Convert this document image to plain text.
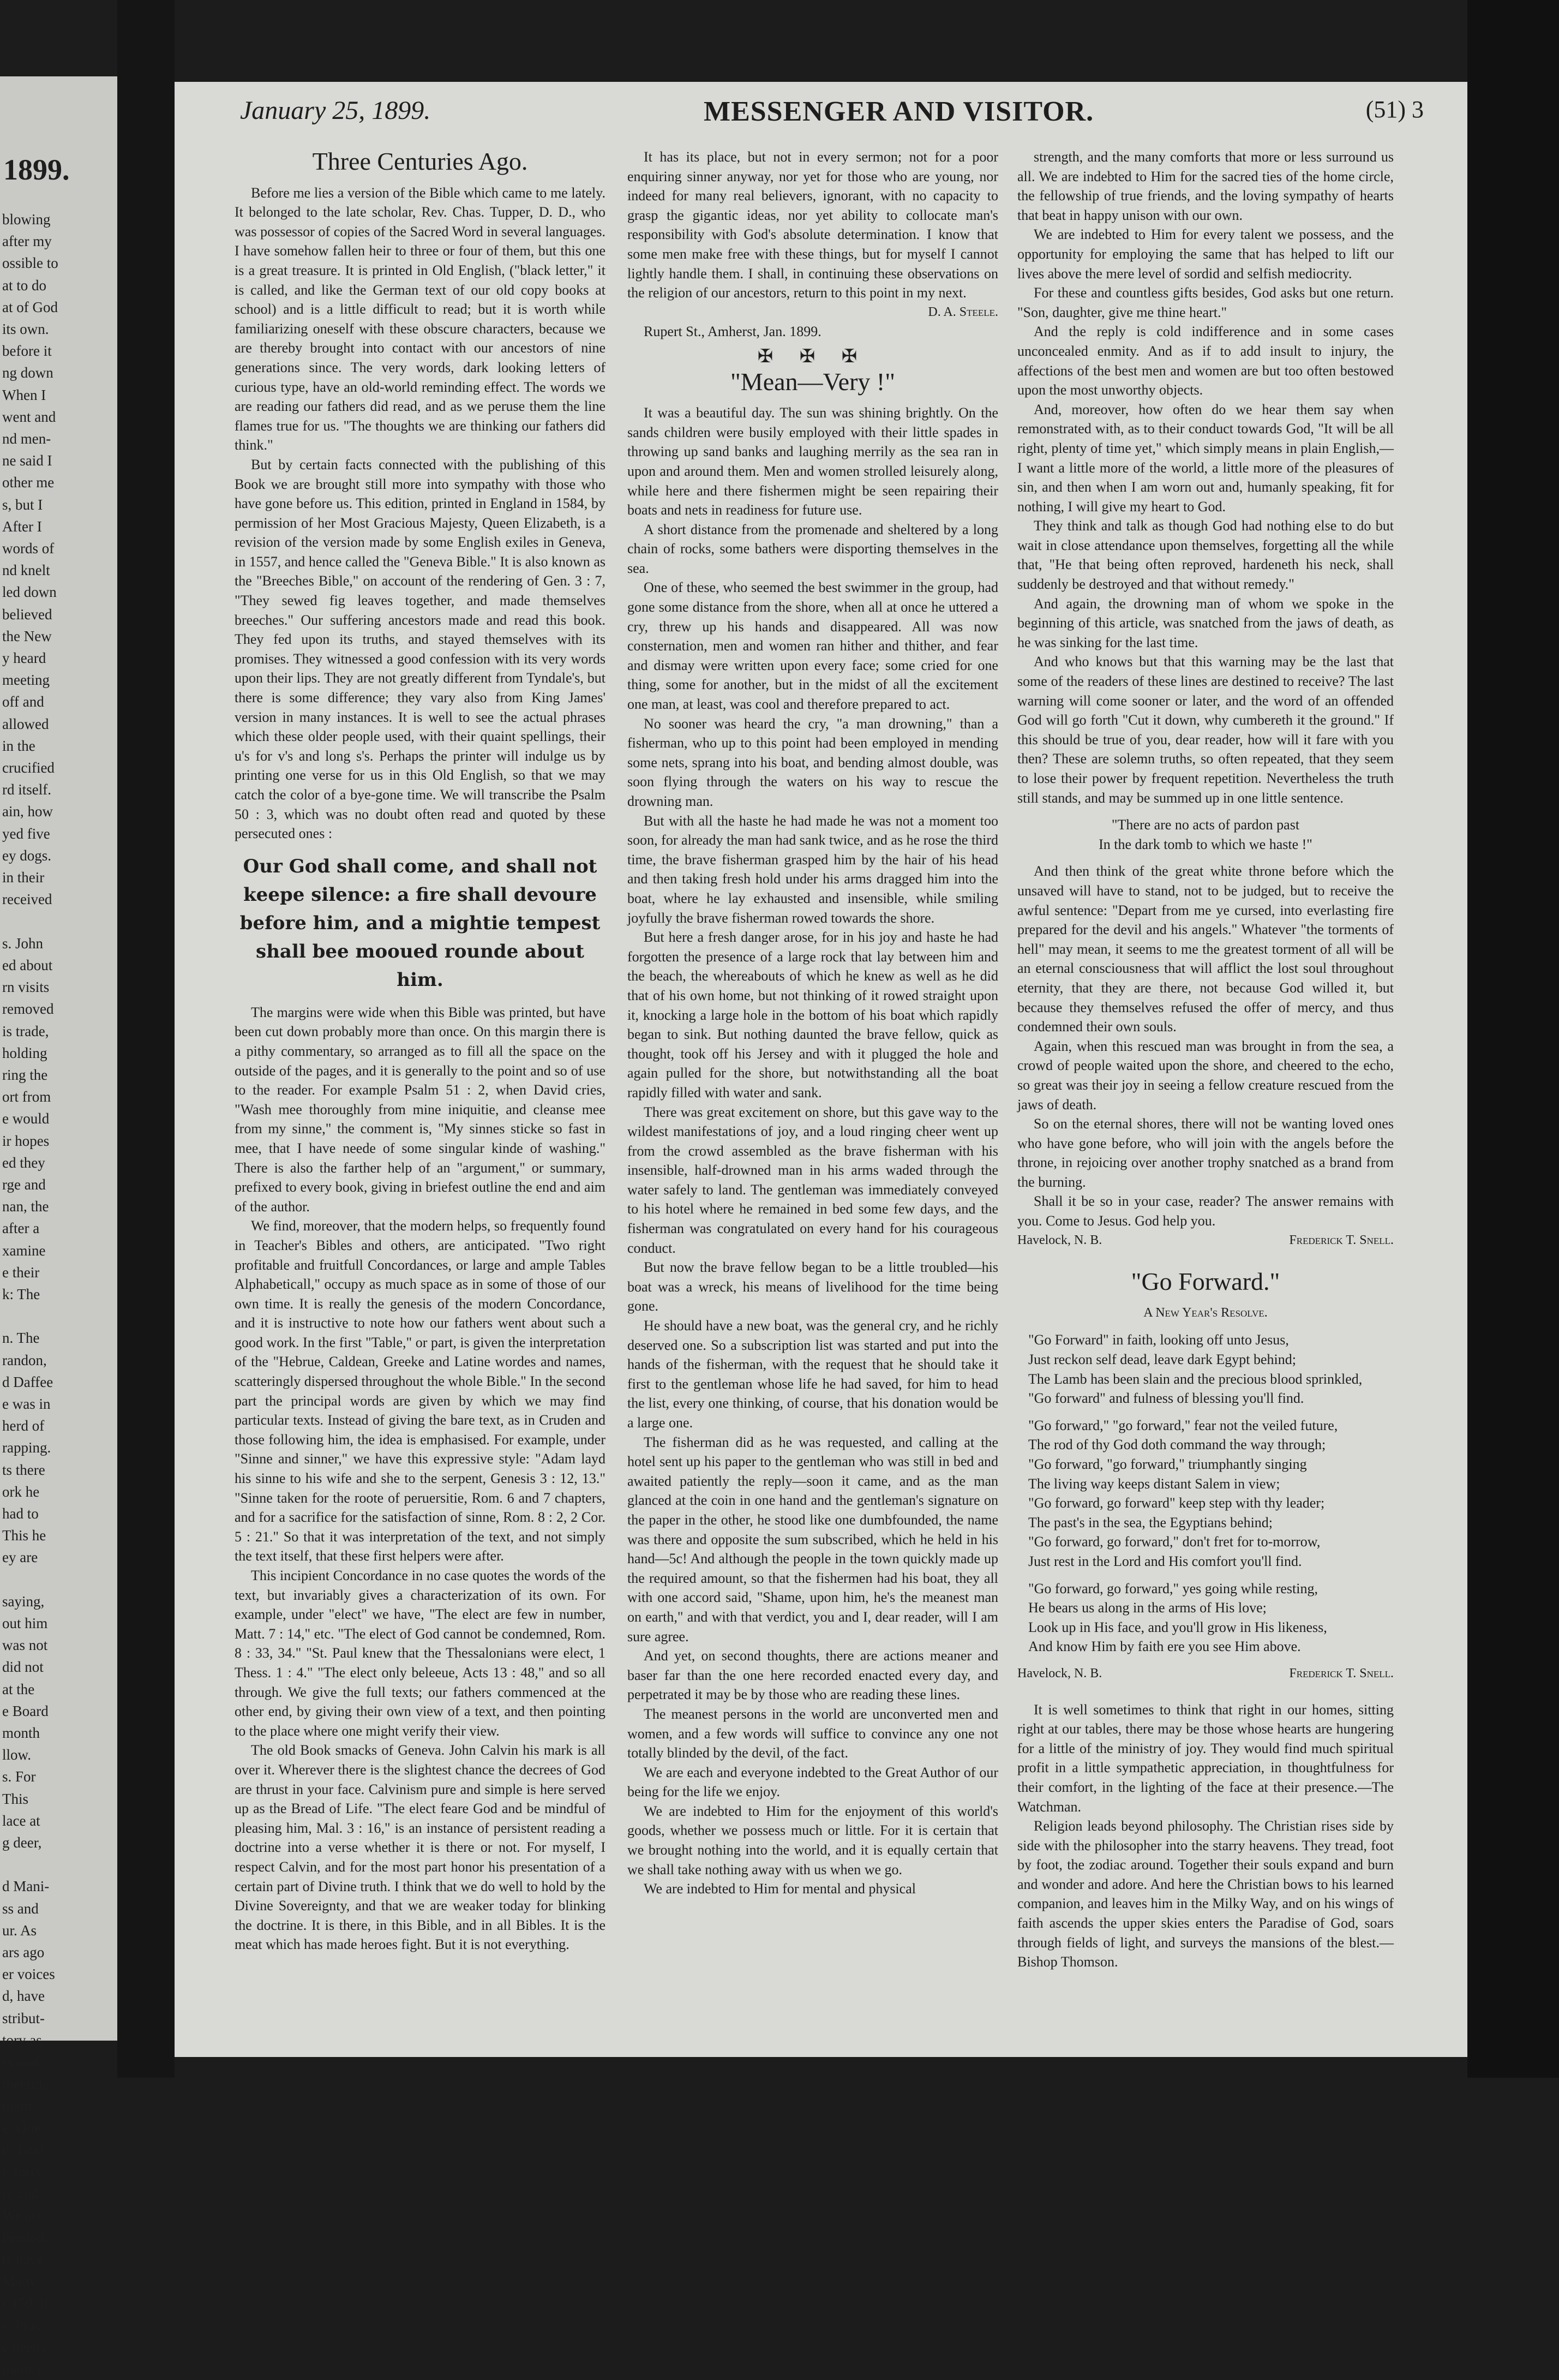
1899.
blowing
after my
ossible to
at to do
at of God
its own.
before it
ng down
When I
went and
nd men-
ne said I
other me
s, but I
After I
words of
nd knelt
led down
believed
the New
y heard
meeting
off and
allowed
in the
crucified
rd itself.
ain, how
yed five
ey dogs.
in their
received

s. John
ed about
rn visits
removed
is trade,
holding
ring the
ort from
e would
ir hopes
ed they
rge and
nan, the
after a
xamine
e their
k: The

n. The
randon,
d Daffee
e was in
herd of
rapping.
ts there
ork he
had to
This he
ey are

saying,
out him
was not
did not
at the
e Board
month
llow.
s. For
This
lace at
g deer,

d Mani-
ss and
ur. As
ars ago
er voices
d, have
stribut-
tory as
ss and
meeting
them.
e. One
ur God
e sorry
re and
We are
heeded,
ts have
Many
r 150 of
s. Pray
e needy
inently
January 25, 1899.	MESSENGER AND VISITOR.	(51) 3
Three Centuries Ago.

Before me lies a version of the Bible which came to me lately. It belonged to the late scholar, Rev. Chas. Tupper, D. D., who was possessor of copies of the Sacred Word in several languages. I have somehow fallen heir to three or four of them, but this one is a great treasure. It is printed in Old English, ("black letter," it is called, and like the German text of our old copy books at school) and is a little difficult to read; but it is worth while familiarizing oneself with these obscure characters, because we are thereby brought into contact with our ancestors of nine generations since. The very words, dark looking letters of curious type, have an old-world reminding effect. The words we are reading our fathers did read, and as we peruse them the line flames true for us. "The thoughts we are thinking our fathers did think."

But by certain facts connected with the publishing of this Book we are brought still more into sympathy with those who have gone before us. This edition, printed in England in 1584, by permission of her Most Gracious Majesty, Queen Elizabeth, is a revision of the version made by some English exiles in Geneva, in 1557, and hence called the "Geneva Bible." It is also known as the "Breeches Bible," on account of the rendering of Gen. 3 : 7, "They sewed fig leaves together, and made themselves breeches." Our suffering ancestors made and read this book. They fed upon its truths, and stayed themselves with its promises. They witnessed a good confession with its very words upon their lips. They are not greatly different from Tyndale's, but there is some difference; they vary also from King James' version in many instances. It is well to see the actual phrases which these older people used, with their quaint spellings, their u's for v's and long s's. Perhaps the printer will indulge us by printing one verse for us in this Old English, so that we may catch the color of a bye-gone time. We will transcribe the Psalm 50 : 3, which was no doubt often read and quoted by these persecuted ones :

Our God shall come, and shall not keepe silence: a fire shall devoure before him, and a mightie tempest shall bee mooued rounde about him.

The margins were wide when this Bible was printed, but have been cut down probably more than once. On this margin there is a pithy commentary, so arranged as to fill all the space on the outside of the pages, and it is generally to the point and so of use to the reader. For example Psalm 51 : 2, when David cries, "Wash mee thoroughly from mine iniquitie, and cleanse mee from my sinne," the comment is, "My sinnes sticke so fast in mee, that I have neede of some singular kinde of washing." There is also the farther help of an "argument," or summary, prefixed to every book, giving in briefest outline the end and aim of the author.

We find, moreover, that the modern helps, so frequently found in Teacher's Bibles and others, are anticipated. "Two right profitable and fruitfull Concordances, or large and ample Tables Alphabeticall," occupy as much space as in some of those of our own time. It is really the genesis of the modern Concordance, and it is instructive to note how our fathers went about such a good work. In the first "Table," or part, is given the interpretation of the "Hebrue, Caldean, Greeke and Latine wordes and names, scatteringly dispersed throughout the whole Bible." In the second part the principal words are given by which we may find particular texts. Instead of giving the bare text, as in Cruden and those following him, the idea is emphasised. For example, under "Sinne and sinner," we have this expressive style: "Adam layd his sinne to his wife and she to the serpent, Genesis 3 : 12, 13." "Sinne taken for the roote of peruersitie, Rom. 6 and 7 chapters, and for a sacrifice for the satisfaction of sinne, Rom. 8 : 2, 2 Cor. 5 : 21." So that it was interpretation of the text, and not simply the text itself, that these first helpers were after.

This incipient Concordance in no case quotes the words of the text, but invariably gives a characterization of its own. For example, under "elect" we have, "The elect are few in number, Matt. 7 : 14," etc. "The elect of God cannot be condemned, Rom. 8 : 33, 34." "St. Paul knew that the Thessalonians were elect, 1 Thess. 1 : 4." "The elect only beleeue, Acts 13 : 48," and so all through. We give the full texts; our fathers commenced at the other end, by giving their own view of a text, and then pointing to the place where one might verify their view.

The old Book smacks of Geneva. John Calvin his mark is all over it. Wherever there is the slightest chance the decrees of God are thrust in your face. Calvinism pure and simple is here served up as the Bread of Life. "The elect feare God and be mindful of pleasing him, Mal. 3 : 16," is an instance of persistent reading a doctrine into a verse whether it is there or not. For myself, I respect Calvin, and for the most part honor his presentation of a certain part of Divine truth. I think that we do well to hold by the Divine Sovereignty, and that we are weaker today for blinking the doctrine. It is there, in this Bible, and in all Bibles. It is the meat which has made heroes fight. But it is not everything.

It has its place, but not in every sermon; not for a poor enquiring sinner anyway, nor yet for those who are young, nor indeed for many real believers, ignorant, with no capacity to grasp the gigantic ideas, nor yet ability to collocate man's responsibility with God's absolute determination. I know that some men make free with these things, but for myself I cannot lightly handle them. I shall, in continuing these observations on the religion of our ancestors, return to this point in my next.

D. A. Steele.

Rupert St., Amherst, Jan. 1899.

✠ ✠ ✠
"Mean—Very !"

It was a beautiful day. The sun was shining brightly. On the sands children were busily employed with their little spades in throwing up sand banks and laughing merrily as the sea ran in upon and around them. Men and women strolled leisurely along, while here and there fishermen might be seen repairing their boats and nets in readiness for future use.

A short distance from the promenade and sheltered by a long chain of rocks, some bathers were disporting themselves in the sea.

One of these, who seemed the best swimmer in the group, had gone some distance from the shore, when all at once he uttered a cry, threw up his hands and disappeared. All was now consternation, men and women ran hither and thither, and fear and dismay were written upon every face; some cried for one thing, some for another, but in the midst of all the excitement one man, at least, was cool and therefore prepared to act.

No sooner was heard the cry, "a man drowning," than a fisherman, who up to this point had been employed in mending some nets, sprang into his boat, and bending almost double, was soon flying through the waters on his way to rescue the drowning man.

But with all the haste he had made he was not a moment too soon, for already the man had sank twice, and as he rose the third time, the brave fisherman grasped him by the hair of his head and then taking fresh hold under his arms dragged him into the boat, where he lay exhausted and insensible, while smiling joyfully the brave fisherman rowed towards the shore.

But here a fresh danger arose, for in his joy and haste he had forgotten the presence of a large rock that lay between him and the beach, the whereabouts of which he knew as well as he did that of his own home, but not thinking of it rowed straight upon it, knocking a large hole in the bottom of his boat which rapidly began to sink. But nothing daunted the brave fellow, quick as thought, took off his Jersey and with it plugged the hole and again pulled for the shore, but notwithstanding all the boat rapidly filled with water and sank.

There was great excitement on shore, but this gave way to the wildest manifestations of joy, and a loud ringing cheer went up from the crowd assembled as the brave fisherman with his insensible, half-drowned man in his arms waded through the water safely to land. The gentleman was immediately conveyed to his hotel where he remained in bed some few days, and the fisherman was congratulated on every hand for his courageous conduct.

But now the brave fellow began to be a little troubled—his boat was a wreck, his means of livelihood for the time being gone.

He should have a new boat, was the general cry, and he richly deserved one. So a subscription list was started and put into the hands of the fisherman, with the request that he should take it first to the gentleman whose life he had saved, for him to head the list, every one thinking, of course, that his donation would be a large one.

The fisherman did as he was requested, and calling at the hotel sent up his paper to the gentleman who was still in bed and awaited patiently the reply—soon it came, and as the man glanced at the coin in one hand and the gentleman's signature on the paper in the other, he stood like one dumbfounded, the name was there and opposite the sum subscribed, which he held in his hand—5c! And although the people in the town quickly made up the required amount, so that the fishermen had his boat, they all with one accord said, "Shame, upon him, he's the meanest man on earth," and with that verdict, you and I, dear reader, will I am sure agree.

And yet, on second thoughts, there are actions meaner and baser far than the one here recorded enacted every day, and perpetrated it may be by those who are reading these lines.

The meanest persons in the world are unconverted men and women, and a few words will suffice to convince any one not totally blinded by the devil, of the fact.

We are each and everyone indebted to the Great Author of our being for the life we enjoy.

We are indebted to Him for the enjoyment of this world's goods, whether we possess much or little. For it is certain that we brought nothing into the world, and it is equally certain that we shall take nothing away with us when we go.

We are indebted to Him for mental and physical

strength, and the many comforts that more or less surround us all. We are indebted to Him for the sacred ties of the home circle, the fellowship of true friends, and the loving sympathy of hearts that beat in happy unison with our own.

We are indebted to Him for every talent we possess, and the opportunity for employing the same that has helped to lift our lives above the mere level of sordid and selfish mediocrity.

For these and countless gifts besides, God asks but one return. "Son, daughter, give me thine heart."

And the reply is cold indifference and in some cases unconcealed enmity. And as if to add insult to injury, the affections of the best men and women are but too often bestowed upon the most unworthy objects.

And, moreover, how often do we hear them say when remonstrated with, as to their conduct towards God, "It will be all right, plenty of time yet," which simply means in plain English,—I want a little more of the world, a little more of the pleasures of sin, and then when I am worn out and, humanly speaking, fit for nothing, I will give my heart to God.

They think and talk as though God had nothing else to do but wait in close attendance upon themselves, forgetting all the while that, "He that being often reproved, hardeneth his neck, shall suddenly be destroyed and that without remedy."

And again, the drowning man of whom we spoke in the beginning of this article, was snatched from the jaws of death, as he was sinking for the last time.

And who knows but that this warning may be the last that some of the readers of these lines are destined to receive? The last warning will come sooner or later, and the word of an offended God will go forth "Cut it down, why cumbereth it the ground." If this should be true of you, dear reader, how will it fare with you then? These are solemn truths, so often repeated, that they seem to lose their power by frequent repetition. Nevertheless the truth still stands, and may be summed up in one little sentence.

"There are no acts of pardon past
In the dark tomb to which we haste !"

And then think of the great white throne before which the unsaved will have to stand, not to be judged, but to receive the awful sentence: "Depart from me ye cursed, into everlasting fire prepared for the devil and his angels." Whatever "the torments of hell" may mean, it seems to me the greatest torment of all will be an eternal consciousness that will afflict the lost soul throughout eternity, that they are there, not because God willed it, but because they themselves refused the offer of mercy, and thus condemned their own souls.

Again, when this rescued man was brought in from the sea, a crowd of people waited upon the shore, and cheered to the echo, so great was their joy in seeing a fellow creature rescued from the jaws of death.

So on the eternal shores, there will not be wanting loved ones who have gone before, who will join with the angels before the throne, in rejoicing over another trophy snatched as a brand from the burning.

Shall it be so in your case, reader? The answer remains with you. Come to Jesus. God help you.

Havelock, N. B.	Frederick T. Snell.

"Go Forward."
A New Year's Resolve.

"Go Forward" in faith, looking off unto Jesus,
Just reckon self dead, leave dark Egypt behind;
The Lamb has been slain and the precious blood sprinkled,
"Go forward" and fulness of blessing you'll find.

"Go forward," "go forward," fear not the veiled future,
The rod of thy God doth command the way through;
"Go forward, "go forward," triumphantly singing
The living way keeps distant Salem in view;
"Go forward, go forward" keep step with thy leader;
The past's in the sea, the Egyptians behind;
"Go forward, go forward," don't fret for to-morrow,
Just rest in the Lord and His comfort you'll find.

"Go forward, go forward," yes going while resting,
He bears us along in the arms of His love;
Look up in His face, and you'll grow in His likeness,
And know Him by faith ere you see Him above.

Havelock, N. B.	Frederick T. Snell.

It is well sometimes to think that right in our homes, sitting right at our tables, there may be those whose hearts are hungering for a little of the ministry of joy. They would find much spiritual profit in a little sympathetic appreciation, in thoughtfulness for their comfort, in the lighting of the face at their presence.—The Watchman.

Religion leads beyond philosophy. The Christian rises side by side with the philosopher into the starry heavens. They tread, foot by foot, the zodiac around. Together their souls expand and burn and wonder and adore. And here the Christian bows to his learned companion, and leaves him in the Milky Way, and on his wings of faith ascends the upper skies enters the Paradise of God, soars through fields of light, and surveys the mansions of the blest.—Bishop Thomson.
